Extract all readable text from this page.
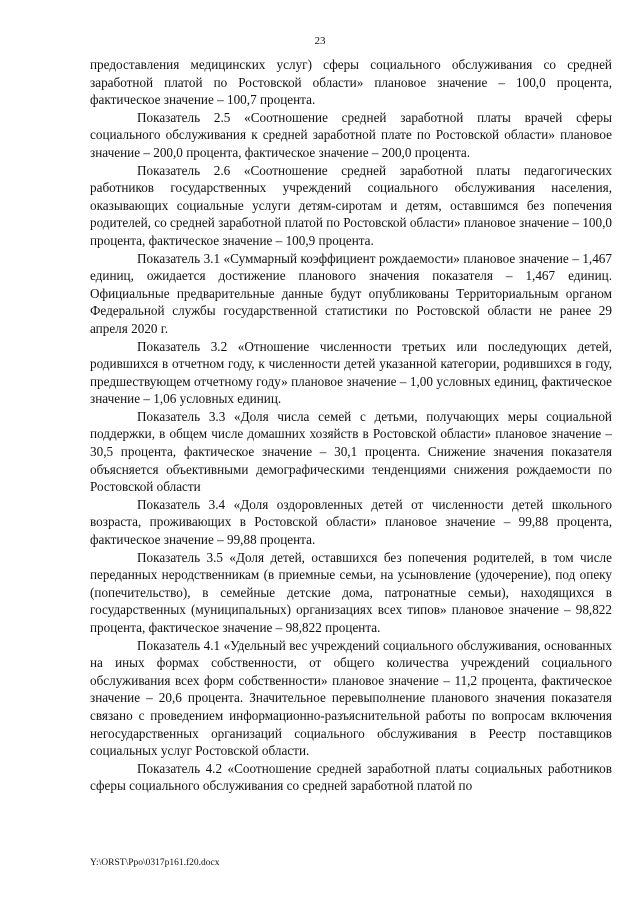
23

предоставления медицинских услуг) сферы социального обслуживания со средней заработной платой по Ростовской области» плановое значение – 100,0 процента, фактическое значение – 100,7 процента.

Показатель 2.5 «Соотношение средней заработной платы врачей сферы социального обслуживания к средней заработной плате по Ростовской области» плановое значение – 200,0 процента, фактическое значение – 200,0 процента.

Показатель 2.6 «Соотношение средней заработной платы педагогических работников государственных учреждений социального обслуживания населения, оказывающих социальные услуги детям-сиротам и детям, оставшимся без попечения родителей, со средней заработной платой по Ростовской области» плановое значение – 100,0 процента, фактическое значение – 100,9 процента.

Показатель 3.1 «Суммарный коэффициент рождаемости» плановое значение – 1,467 единиц, ожидается достижение планового значения показателя – 1,467 единиц. Официальные предварительные данные будут опубликованы Территориальным органом Федеральной службы государственной статистики по Ростовской области не ранее 29 апреля 2020 г.

Показатель 3.2 «Отношение численности третьих или последующих детей, родившихся в отчетном году, к численности детей указанной категории, родившихся в году, предшествующем отчетному году» плановое значение – 1,00 условных единиц, фактическое значение – 1,06 условных единиц.

Показатель 3.3 «Доля числа семей с детьми, получающих меры социальной поддержки, в общем числе домашних хозяйств в Ростовской области» плановое значение – 30,5 процента, фактическое значение – 30,1 процента. Снижение значения показателя объясняется объективными демографическими тенденциями снижения рождаемости по Ростовской области

Показатель 3.4 «Доля оздоровленных детей от численности детей школьного возраста, проживающих в Ростовской области» плановое значение – 99,88 процента, фактическое значение – 99,88 процента.

Показатель 3.5 «Доля детей, оставшихся без попечения родителей, в том числе переданных неродственникам (в приемные семьи, на усыновление (удочерение), под опеку (попечительство), в семейные детские дома, патронатные семьи), находящихся в государственных (муниципальных) организациях всех типов» плановое значение – 98,822 процента, фактическое значение – 98,822 процента.

Показатель 4.1 «Удельный вес учреждений социального обслуживания, основанных на иных формах собственности, от общего количества учреждений социального обслуживания всех форм собственности» плановое значение – 11,2 процента, фактическое значение – 20,6 процента. Значительное перевыполнение планового значения показателя связано с проведением информационно-разъяснительной работы по вопросам включения негосударственных организаций социального обслуживания в Реестр поставщиков социальных услуг Ростовской области.

Показатель 4.2 «Соотношение средней заработной платы социальных работников сферы социального обслуживания со средней заработной платой по

Y:\ORST\Ppo\0317p161.f20.docx
